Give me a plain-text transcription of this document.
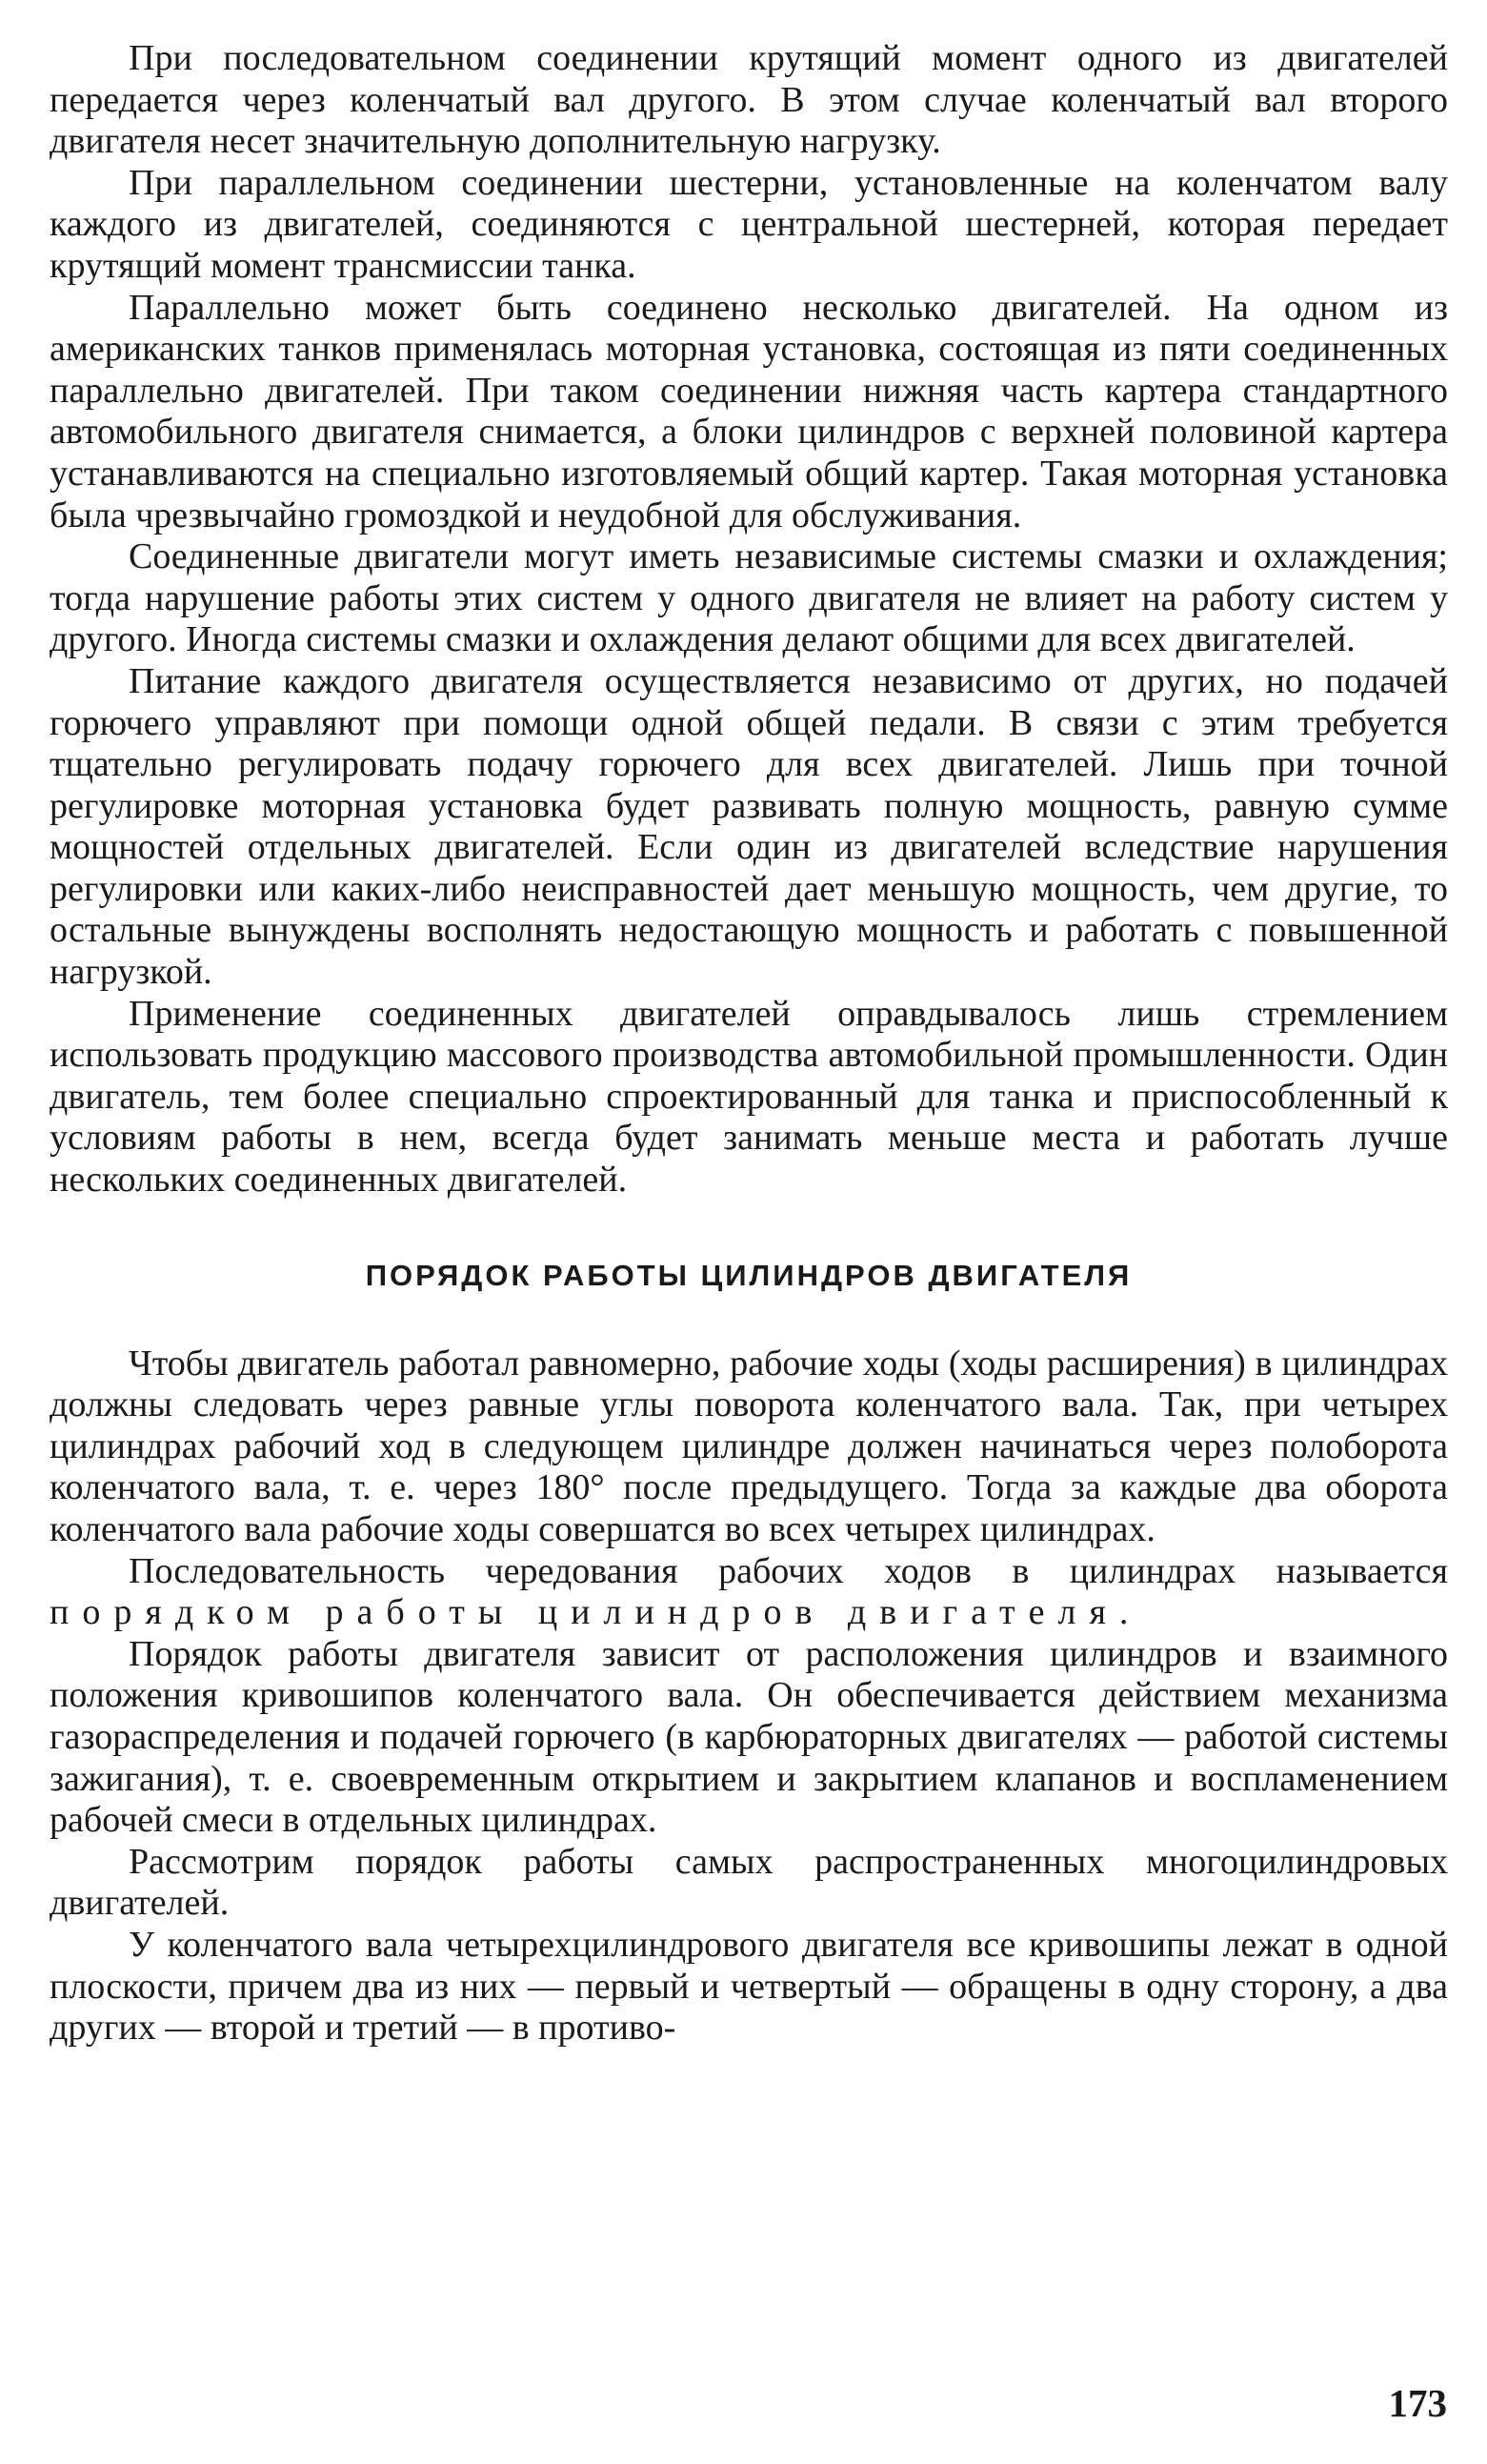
При последовательном соединении крутящий момент одного из двигателей передается через коленчатый вал другого. В этом случае коленчатый вал второго двигателя несет значительную дополнительную нагрузку.

При параллельном соединении шестерни, установленные на коленчатом валу каждого из двигателей, соединяются с центральной шестерней, которая передает крутящий момент трансмиссии танка.

Параллельно может быть соединено несколько двигателей. На одном из американских танков применялась моторная установка, состоящая из пяти соединенных параллельно двигателей. При таком соединении нижняя часть картера стандартного автомобильного двигателя снимается, а блоки цилиндров с верхней половиной картера устанавливаются на специально изготовляемый общий картер. Такая моторная установка была чрезвычайно громоздкой и неудобной для обслуживания.

Соединенные двигатели могут иметь независимые системы смазки и охлаждения; тогда нарушение работы этих систем у одного двигателя не влияет на работу систем у другого. Иногда системы смазки и охлаждения делают общими для всех двигателей.

Питание каждого двигателя осуществляется независимо от других, но подачей горючего управляют при помощи одной общей педали. В связи с этим требуется тщательно регулировать подачу горючего для всех двигателей. Лишь при точной регулировке моторная установка будет развивать полную мощность, равную сумме мощностей отдельных двигателей. Если один из двигателей вследствие нарушения регулировки или каких-либо неисправностей дает меньшую мощность, чем другие, то остальные вынуждены восполнять недостающую мощность и работать с повышенной нагрузкой.

Применение соединенных двигателей оправдывалось лишь стремлением использовать продукцию массового производства автомобильной промышленности. Один двигатель, тем более специально спроектированный для танка и приспособленный к условиям работы в нем, всегда будет занимать меньше места и работать лучше нескольких соединенных двигателей.

ПОРЯДОК РАБОТЫ ЦИЛИНДРОВ ДВИГАТЕЛЯ

Чтобы двигатель работал равномерно, рабочие ходы (ходы расширения) в цилиндрах должны следовать через равные углы поворота коленчатого вала. Так, при четырех цилиндрах рабочий ход в следующем цилиндре должен начинаться через полоборота коленчатого вала, т. е. через 180° после предыдущего. Тогда за каждые два оборота коленчатого вала рабочие ходы совершатся во всех четырех цилиндрах.

Последовательность чередования рабочих ходов в цилиндрах называется порядком работы цилиндров двигателя.

Порядок работы двигателя зависит от расположения цилиндров и взаимного положения кривошипов коленчатого вала. Он обеспечивается действием механизма газораспределения и подачей горючего (в карбюраторных двигателях — работой системы зажигания), т. е. своевременным открытием и закрытием клапанов и воспламенением рабочей смеси в отдельных цилиндрах.

Рассмотрим порядок работы самых распространенных многоцилиндровых двигателей.

У коленчатого вала четырехцилиндрового двигателя все кривошипы лежат в одной плоскости, причем два из них — первый и четвертый — обращены в одну сторону, а два других — второй и третий — в противо-

173
